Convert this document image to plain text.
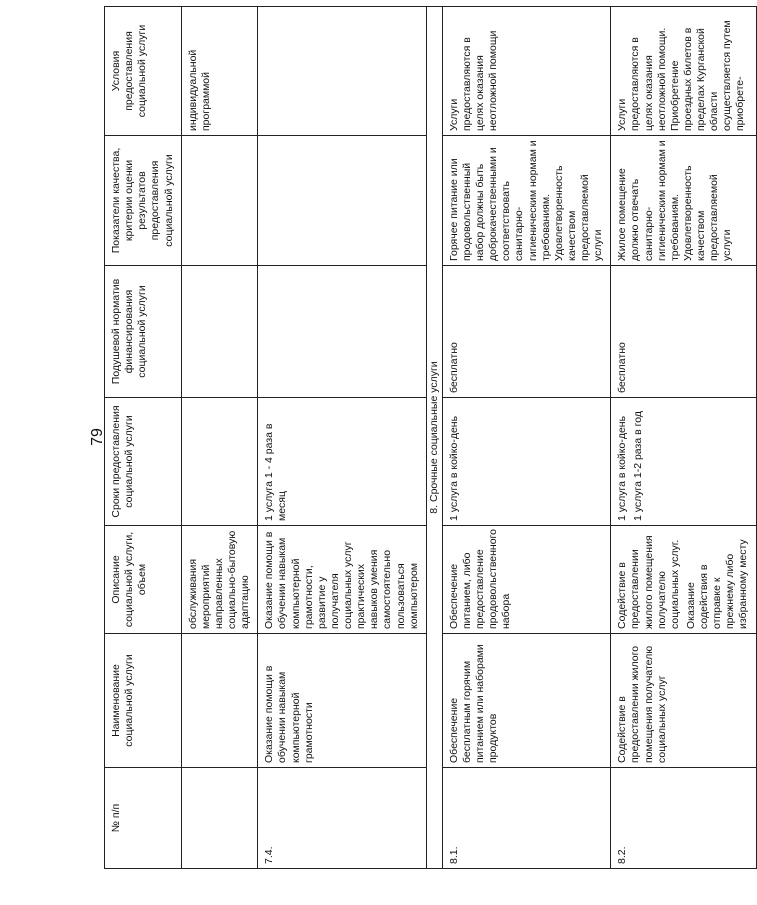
79
№ п/п	Наименование социальной услуги	Описание социальной услуги, объем	Сроки предоставления социальной услуги	Подушевой норматив финансирования социальной услуги	Показатели качества, критерии оценки результатов предоставления социальной услуги	Условия предоставления социальной услуги
		обслуживания мероприятий направленных социально-бытовую адаптацию				индивидуальной программой
7.4.	Оказание помощи в обучении навыкам компьютерной грамотности	Оказание помощи в обучении навыкам компьютерной грамотности, развитие у получателя социальных услуг практических навыков умения самостоятельно пользоваться компьютером	1 услуга 1 - 4 раза в месяц			
8. Срочные социальные услуги						
8.1.	Обеспечение бесплатным горячим питанием или наборами продуктов	Обеспечение питанием, либо предоставление продовольственного набора	1 услуга в койко-день	бесплатно	Горячее питание или продовольственный набор должны быть доброкачественными и соответствовать санитарно-гигиеническим нормам и требованиям. Удовлетворенность качеством предоставляемой услуги	Услуги предоставляются в целях оказания неотложной помощи
8.2.	Содействие в предоставлении жилого помещения получателю социальных услуг	Содействие в предоставлении жилого помещения получателю социальных услуг. Оказание содействия в отправке к прежнему либо избранному месту	1 услуга в койко-день 1 услуга 1-2 раза в год	бесплатно	Жилое помещение должно отвечать санитарно-гигиеническим нормам и требованиям. Удовлетворенность качеством предоставляемой услуги	Услуги предоставляются в целях оказания неотложной помощи. Приобретение проездных билетов в пределах Курганской области осуществляется путем приобрете-
